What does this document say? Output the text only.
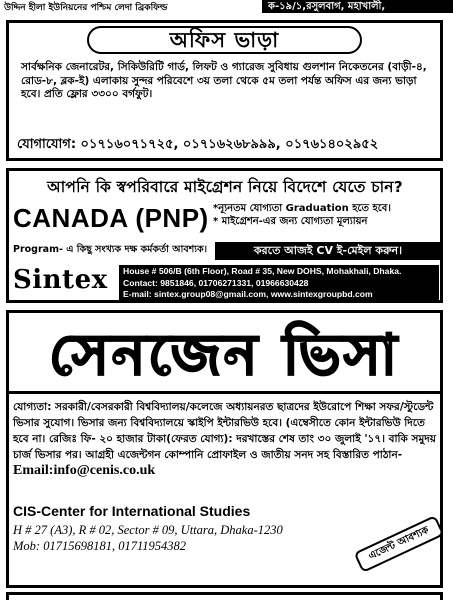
উদ্দিন হীলা ইউনিয়নের পশ্চিম লেদা ব্রিকফিল্ড	ক-১৯/১,রসুলবাগ, মহাখালী,
অফিস ভাড়া
সার্বক্ষনিক জেনারেটর, সিকিউরিটি গার্ড, লিফট ও গ্যারেজ সুবিধায় গুলশান নিকেতনের (বাড়ী-৪, রোড-৮, ব্লক-ই) এলাকায় সুন্দর পরিবেশে ৩য় তলা থেকে ৫ম তলা পর্যন্ত অফিস এর জন্য ভাড়া হবে। প্রতি ফ্লোর ৩৩০০ বর্গফুট।
যোগাযোগ: ০১৭১৬০৭১৭২৫, ০১৭১৬২৬৮৯৯৯, ০১৭৬১৪০২৯৫২
আপনি কি স্বপরিবারে মাইগ্রেশন নিয়ে বিদেশে যেতে চান?
CANADA (PNP) *ন্যূনতম যোগ্যতা Graduation হতে হবে।
* মাইগ্রেশন-এর জন্য যোগ্যতা মূল্যায়ন
Program- এ কিছু সংখ্যক দক্ষ কর্মকর্তা আবশ্যক।	করতে আজই CV ই-মেইল করুন।
Sintex House # 506/B (6th Floor), Road # 35, New DOHS, Mohakhali, Dhaka.
Contact: 9851846, 01706271331, 01966630428
E-mail: sintex.group08@gmail.com, www.sintexgroupbd.com
সেনজেন ভিসা
যোগ্যতা: সরকারী/বেসরকারী বিশ্ববিদ্যালয়/কলেজে অধ্যায়নরত ছাত্রদের ইউরোপে শিক্ষা সফর/স্টুডেন্ট ভিসার সুযোগ। ভিসার জন্য বিশ্ববিদ্যালয়ে স্কাইপি ইন্টারভিউ হবে। (এম্বেসীতে কোন ইন্টারভিউ দিতে হবে না। রেজিঃ ফি- ২০ হাজার টাকা(ফেরত যোগ্য): দরখাস্তের শেষ তাং ৩০ জুলাই '১৭। বাকি সমুদয় চার্জ ভিসার পর। আগ্রহী এজেন্টগন কোম্পানি প্রোফাইল ও জাতীয় সনদ সহ বিস্তারিত পাঠান- Email:info@cenis.co.uk
CIS-Center for International Studies
H # 27 (A3), R # 02, Sector # 09, Uttara, Dhaka-1230
Mob: 01715698181, 01711954382	এজেন্ট আবশ্যক
